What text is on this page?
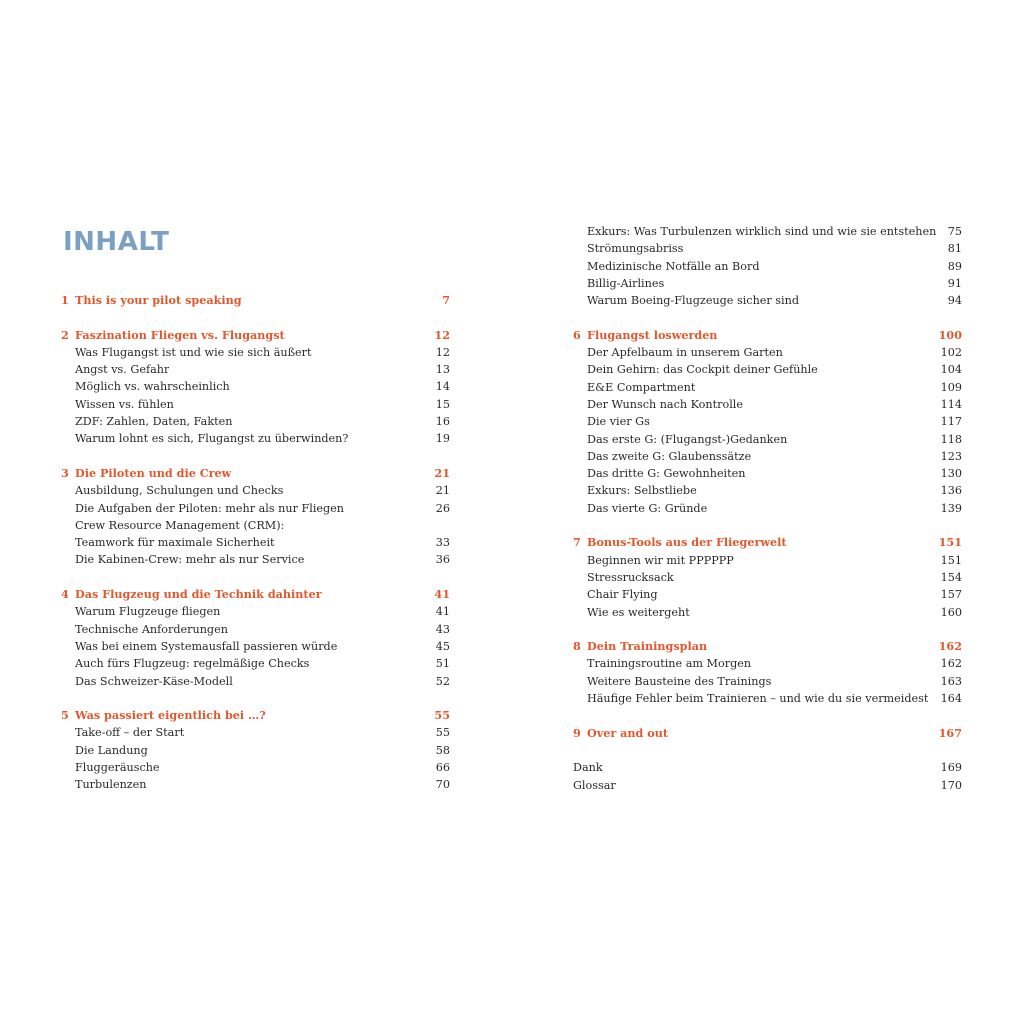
INHALT
1 This is your pilot speaking	7
2 Faszination Fliegen vs. Flugangst	12
Was Flugangst ist und wie sie sich äußert	12
Angst vs. Gefahr	13
Möglich vs. wahrscheinlich	14
Wissen vs. fühlen	15
ZDF: Zahlen, Daten, Fakten	16
Warum lohnt es sich, Flugangst zu überwinden?	19
3 Die Piloten und die Crew	21
Ausbildung, Schulungen und Checks	21
Die Aufgaben der Piloten: mehr als nur Fliegen	26
Crew Resource Management (CRM):
Teamwork für maximale Sicherheit	33
Die Kabinen-Crew: mehr als nur Service	36
4 Das Flugzeug und die Technik dahinter	41
Warum Flugzeuge fliegen	41
Technische Anforderungen	43
Was bei einem Systemausfall passieren würde	45
Auch fürs Flugzeug: regelmäßige Checks	51
Das Schweizer-Käse-Modell	52
5 Was passiert eigentlich bei …?	55
Take-off – der Start	55
Die Landung	58
Fluggeräusche	66
Turbulenzen	70
Exkurs: Was Turbulenzen wirklich sind und wie sie entstehen	75
Strömungsabriss	81
Medizinische Notfälle an Bord	89
Billig-Airlines	91
Warum Boeing-Flugzeuge sicher sind	94
6 Flugangst loswerden	100
Der Apfelbaum in unserem Garten	102
Dein Gehirn: das Cockpit deiner Gefühle	104
E&E Compartment	109
Der Wunsch nach Kontrolle	114
Die vier Gs	117
Das erste G: (Flugangst-)Gedanken	118
Das zweite G: Glaubenssätze	123
Das dritte G: Gewohnheiten	130
Exkurs: Selbstliebe	136
Das vierte G: Gründe	139
7 Bonus-Tools aus der Fliegerwelt	151
Beginnen wir mit PPPPPP	151
Stressrucksack	154
Chair Flying	157
Wie es weitergeht	160
8 Dein Trainingsplan	162
Trainingsroutine am Morgen	162
Weitere Bausteine des Trainings	163
Häufige Fehler beim Trainieren – und wie du sie vermeidest	164
9 Over and out	167
Dank	169
Glossar	170
